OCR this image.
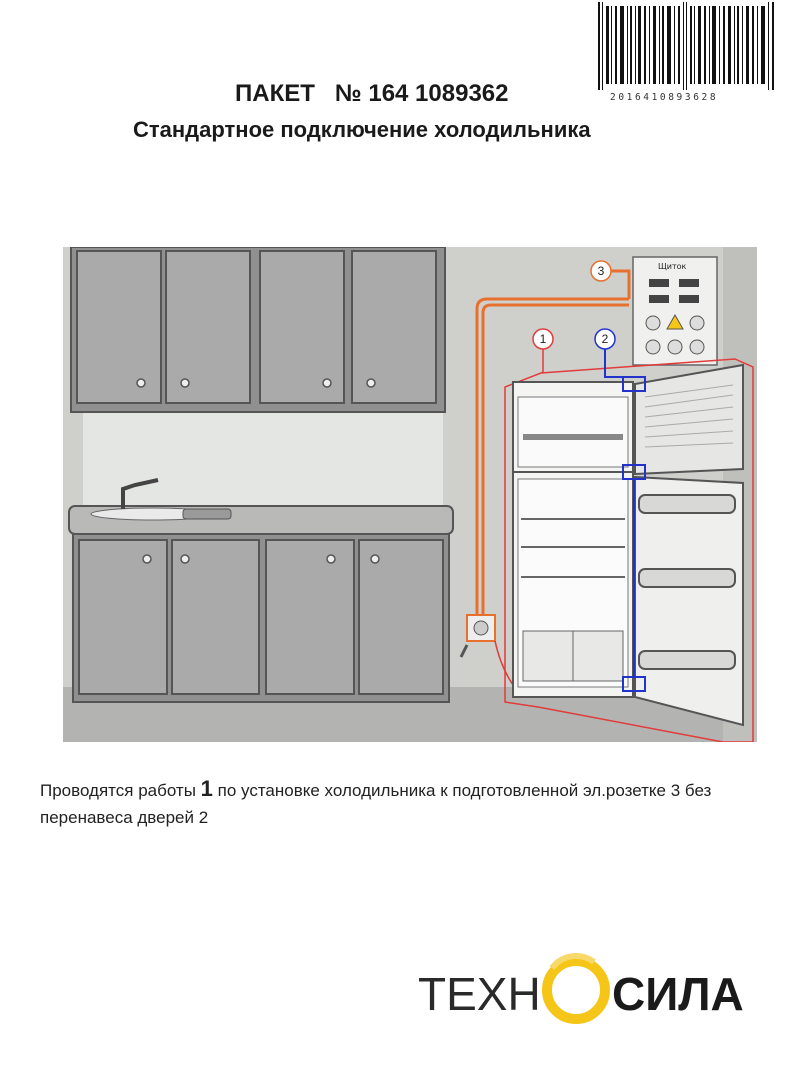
2016410893628
ПАКЕТ № 164 1089362
Стандартное подключение холодильника
Щиток
1	2
3
Проводятся работы 1 по установке холодильника к подготовленной эл.розетке 3 без перенавеса дверей 2
ТЕХН СИЛА
